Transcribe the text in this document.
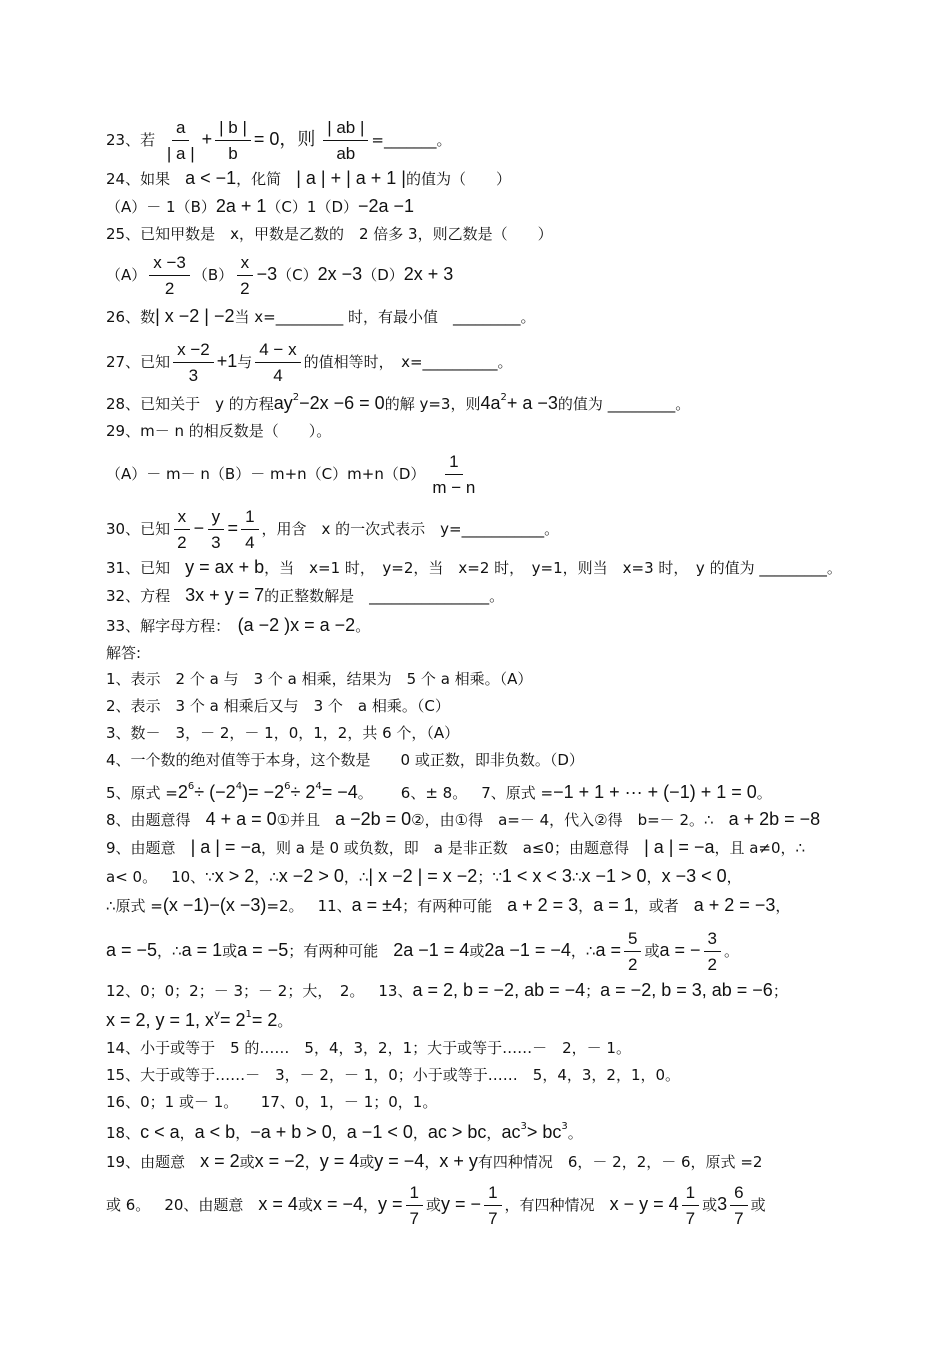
23、若 $\frac{a}{| a |} + \frac{| b |}{b} = 0$，则 $\frac{| ab |}{ab}$ =_______。
24、如果　 a < −1，化简　 | a | + | a + 1 |的值为（　　）
（A）－ 1（B）2a + 1（C）1（D）−2a −1
25、已知甲数是　x，甲数是乙数的　2 倍多 3，则乙数是（　　）
$(A) \frac{x -3}{2} (B) \frac{x}{2} -3(C)2x -3(D)2x + 3$
26、数| x −2 | −2当 x=_________ 时，有最小值　_________。
27、已知 $\frac{x -2}{3} +1$与 $\frac{4 - x}{4}$ 的值相等时，　x=__________。
28、已知关于　y 的方程$ay^2-2x -6 = 0$的解 y=3，则$4a^2+ a -3$的值为 _________。
29、m－ n 的相反数是（　　）。
$(A)- m- n(B)- m+n(C)m+n(D) \frac{1}{m - n}$
30、已知 $\frac{x}{2} - \frac{y}{3} = \frac{1}{4}$ ，用含　x 的一次式表示　y=___________。
31、已知　 y = ax + b，当　x=1 时，　y=2，当　x=2 时，　y=1，则当　x=3 时，　y 的值为 _________。
32、方程　 3x + y = 7的正整数解是　________________。
33、解字母方程：　 (a −2 )x = a −2。
解答:
1、表示　2 个 a 与　3 个 a 相乘，结果为　5 个 a 相乘。（A）
2、表示　3 个 a 相乘后又与　3 个　a 相乘。（C）
3、数－　3，－ 2，－ 1，0，1，2，共 6 个，（A）
4、一个数的绝对值等于本身，这个数是　　0 或正数，即非负数。（D）
5、原式 $=2^6\div (-2^4)= -2^6\div 2^4= -4$。 6、± 8。 7、原式 =−1 + 1 + ··· + (−1) + 1 = 0。
8、由题意得　 4 + a = 0①并且　 a −2b = 0②，由①得　a=－ 4，代入②得　b=－ 2。∴　 a + 2b = −8
9、由题意　 | a | = −a，则 a 是 0 或负数，即　a 是非正数　a≤0；由题意得　 | a | = −a，且 a≠0，∴
a< 0。 10、∵x > 2，∴x −2 > 0，∴| x −2 | = x −2；∵1 < x < 3∴x −1 > 0，x −3 < 0，
∴原式 =(x −1)−(x −3)=2。 11、a = ±4；有两种可能　 a + 2 = 3，a = 1，或者　 a + 2 = −3，
a = −5，∴a = 1或a = −5；有两种可能　 2a −1 = 4或2a −1 = −4，∴a = $\frac{5}{2}$ 或a = − $\frac{3}{2}$ 。
12、0；0；2；－ 3；－ 2；大，　2。 13、a = 2, b = −2, ab = −4；a = −2, b = 3, ab = −6；
x = 2, y = 1, $x^y= 2^1= 2$。
14、小于或等于　5 的……　5，4，3，2，1；大于或等于……－　2，－ 1。
15、大于或等于……－　3，－ 2，－ 1，0；小于或等于……　5，4，3，2，1，0。
16、0；1 或－ 1。　　17、0，1，－ 1；0，1。
18、c < a，a < b，−a + b > 0，a −1 < 0，ac > bc，$ac^3> bc^3$。
19、由题意　 x = 2或x = −2，y = 4或y = −4，x + y有四种情况　6，－ 2，2，－ 6，原式 =2
或 6。 20、由题意　 x = 4或x = −4，$y = \frac{1}{7}$ 或y = − $\frac{1}{7}$ ，有四种情况　 $x - y = 4 \frac{1}{7}$ 或$3 \frac{6}{7}$ 或
